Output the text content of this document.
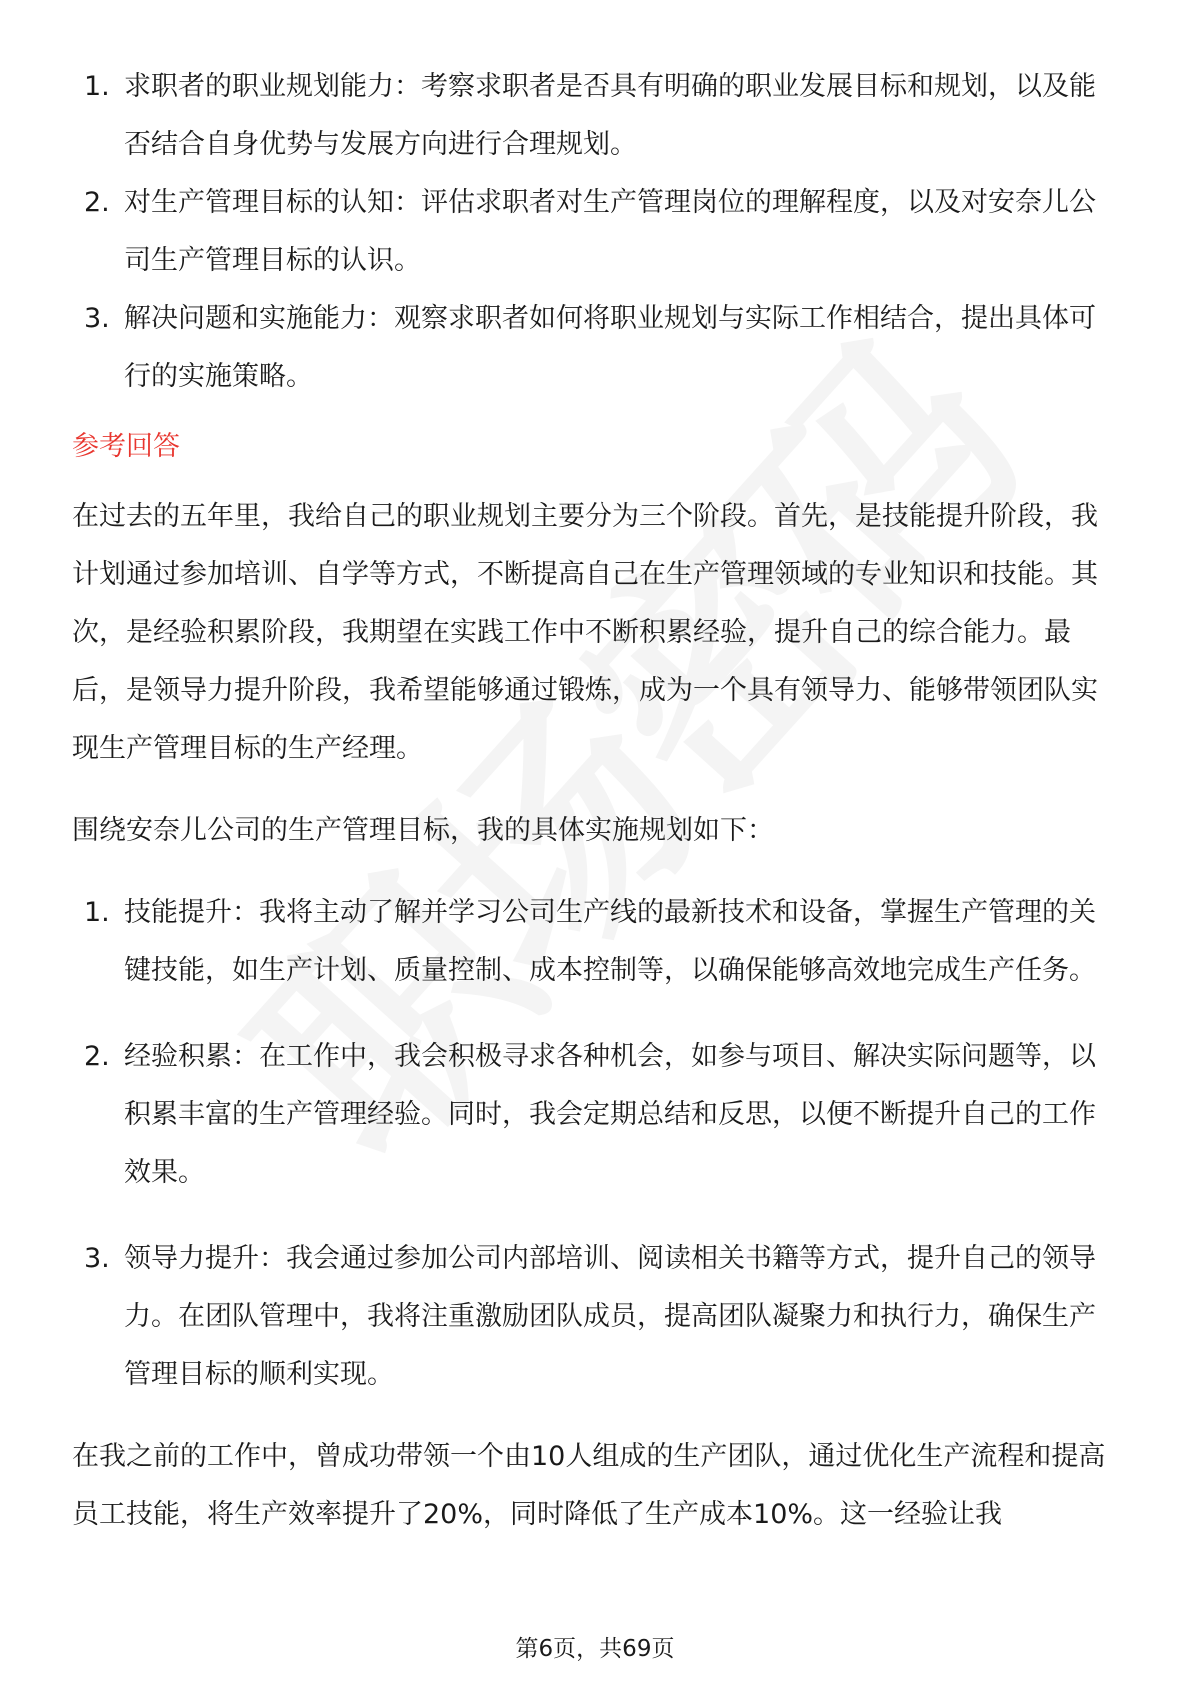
1. 求职者的职业规划能力：考察求职者是否具有明确的职业发展目标和规划，以及能否结合自身优势与发展方向进行合理规划。
2. 对生产管理目标的认知：评估求职者对生产管理岗位的理解程度，以及对安奈儿公司生产管理目标的认识。
3. 解决问题和实施能力：观察求职者如何将职业规划与实际工作相结合，提出具体可行的实施策略。
参考回答

在过去的五年里，我给自己的职业规划主要分为三个阶段。首先，是技能提升阶段，我计划通过参加培训、自学等方式，不断提高自己在生产管理领域的专业知识和技能。其次，是经验积累阶段，我期望在实践工作中不断积累经验，提升自己的综合能力。最后，是领导力提升阶段，我希望能够通过锻炼，成为一个具有领导力、能够带领团队实现生产管理目标的生产经理。

围绕安奈儿公司的生产管理目标，我的具体实施规划如下：

1. 技能提升：我将主动了解并学习公司生产线的最新技术和设备，掌握生产管理的关键技能，如生产计划、质量控制、成本控制等，以确保能够高效地完成生产任务。
2. 经验积累：在工作中，我会积极寻求各种机会，如参与项目、解决实际问题等，以积累丰富的生产管理经验。同时，我会定期总结和反思，以便不断提升自己的工作效果。
3. 领导力提升：我会通过参加公司内部培训、阅读相关书籍等方式，提升自己的领导力。在团队管理中，我将注重激励团队成员，提高团队凝聚力和执行力，确保生产管理目标的顺利实现。

在我之前的工作中，曾成功带领一个由10人组成的生产团队，通过优化生产流程和提高员工技能，将生产效率提升了20%，同时降低了生产成本10%。这一经验让我

第6页，共69页
